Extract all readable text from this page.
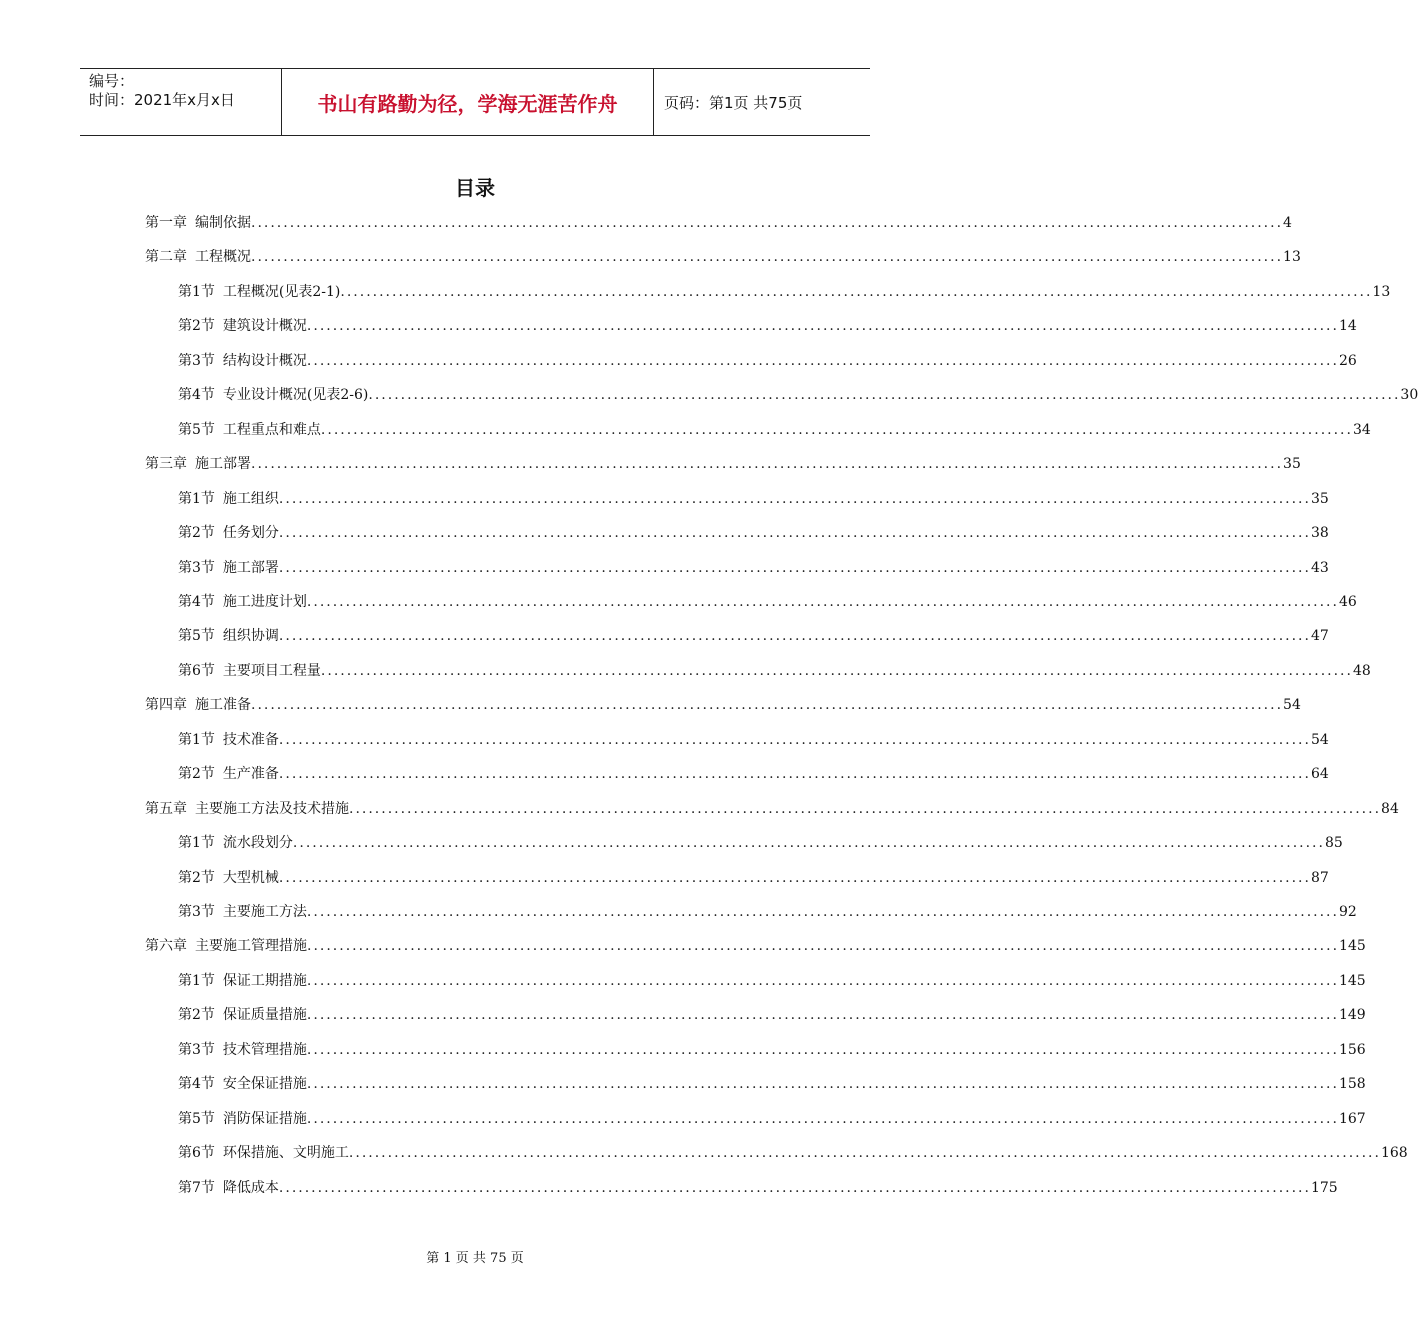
编号：
时间：2021年x月x日	书山有路勤为径，学海无涯苦作舟	页码：第1页 共75页
目录
第一章 编制依据 ................................................................................................................................................................ 4
第二章 工程概况 ................................................................................................................................................................ 13
第1节 工程概况(见表2-1) ................................................................................................................................................................ 13
第2节 建筑设计概况 ................................................................................................................................................................ 14
第3节 结构设计概况 ................................................................................................................................................................ 26
第4节 专业设计概况(见表2-6) ................................................................................................................................................................ 30
第5节 工程重点和难点 ................................................................................................................................................................ 34
第三章 施工部署 ................................................................................................................................................................ 35
第1节 施工组织 ................................................................................................................................................................ 35
第2节 任务划分 ................................................................................................................................................................ 38
第3节 施工部署 ................................................................................................................................................................ 43
第4节 施工进度计划 ................................................................................................................................................................ 46
第5节 组织协调 ................................................................................................................................................................ 47
第6节 主要项目工程量 ................................................................................................................................................................ 48
第四章 施工准备 ................................................................................................................................................................ 54
第1节 技术准备 ................................................................................................................................................................ 54
第2节 生产准备 ................................................................................................................................................................ 64
第五章 主要施工方法及技术措施 ................................................................................................................................................................ 84
第1节 流水段划分 ................................................................................................................................................................ 85
第2节 大型机械 ................................................................................................................................................................ 87
第3节 主要施工方法 ................................................................................................................................................................ 92
第六章 主要施工管理措施 ................................................................................................................................................................ 145
第1节 保证工期措施 ................................................................................................................................................................ 145
第2节 保证质量措施 ................................................................................................................................................................ 149
第3节 技术管理措施 ................................................................................................................................................................ 156
第4节 安全保证措施 ................................................................................................................................................................ 158
第5节 消防保证措施 ................................................................................................................................................................ 167
第6节 环保措施、文明施工 ................................................................................................................................................................ 168
第7节 降低成本 ................................................................................................................................................................ 175
第 1 页 共 75 页
